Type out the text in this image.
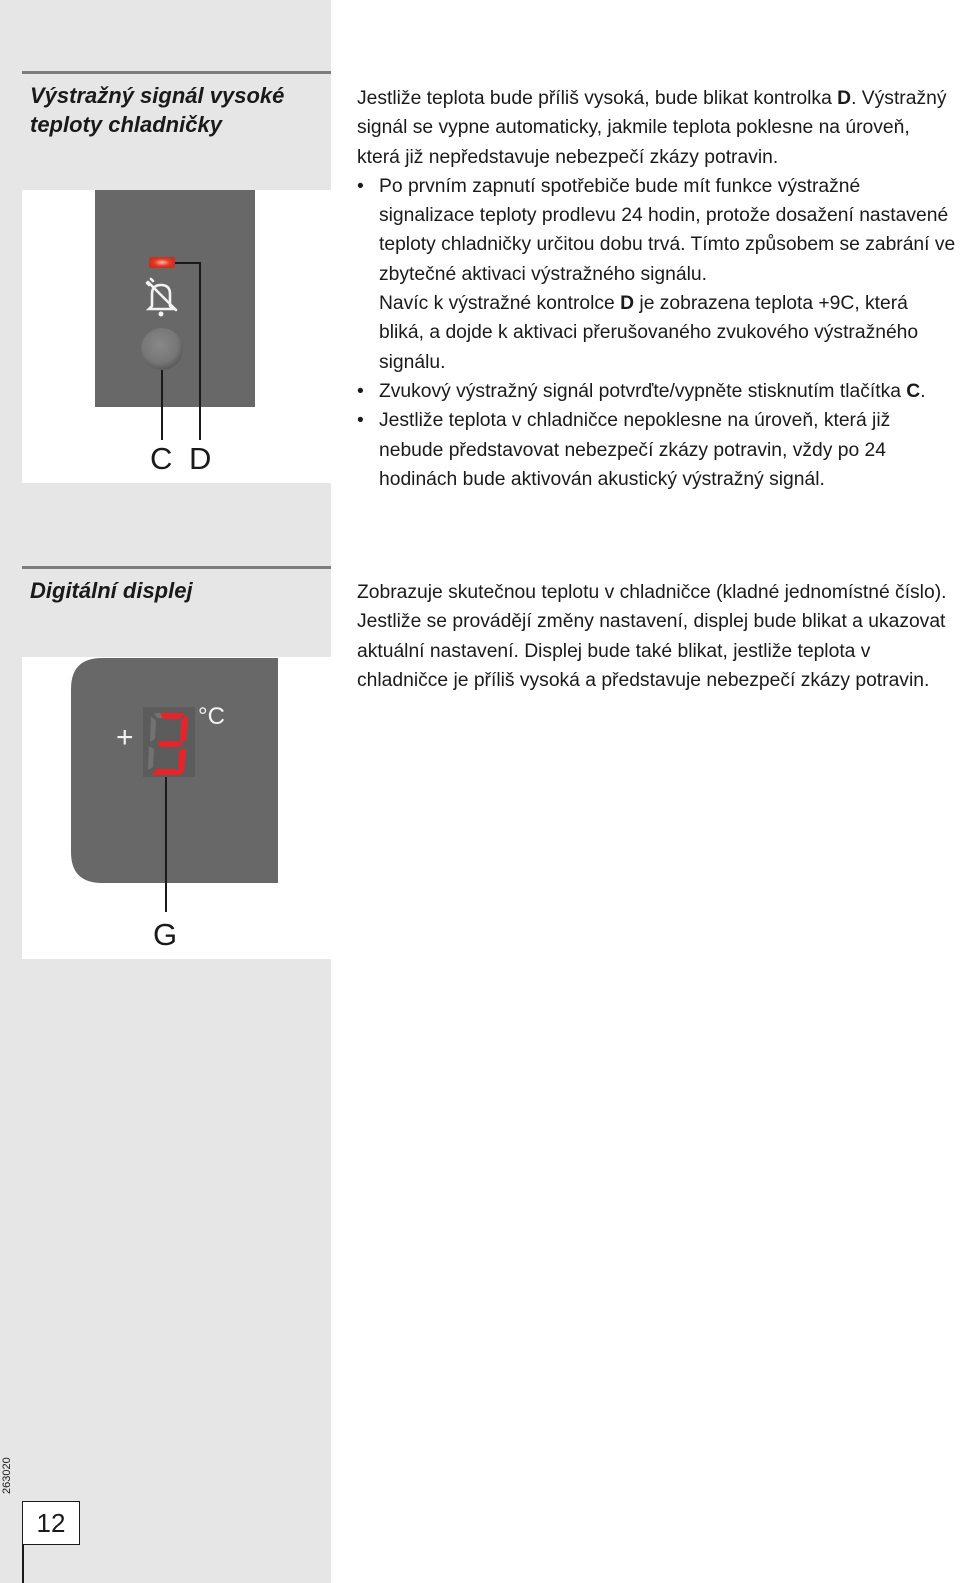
Výstražný signál vysoké teploty chladničky
C D

Jestliže teplota bude příliš vysoká, bude blikat kontrolka D. Výstražný signál se vypne automaticky, jakmile teplota poklesne na úroveň, která již nepředstavuje nebezpečí zkázy potravin.

• Po prvním zapnutí spotřebiče bude mít funkce výstražné signalizace teploty prodlevu 24 hodin, protože dosažení nastavené teploty chladničky určitou dobu trvá. Tímto způsobem se zabrání ve zbytečné aktivaci výstražného signálu.

Navíc k výstražné kontrolce D je zobrazena teplota +9C, která bliká, a dojde k aktivaci přerušovaného zvukového výstražného signálu.

• Zvukový výstražný signál potvrďte/vypněte stisknutím tlačítka C.

• Jestliže teplota v chladničce nepoklesne na úroveň, která již nebude představovat nebezpečí zkázy potravin, vždy po 24 hodinách bude aktivován akustický výstražný signál.

Digitální displej
+
°C
G

Zobrazuje skutečnou teplotu v chladničce (kladné jednomístné číslo). Jestliže se provádějí změny nastavení, displej bude blikat a ukazovat aktuální nastavení. Displej bude také blikat, jestliže teplota v chladničce je příliš vysoká a představuje nebezpečí zkázy potravin.

263020
12
